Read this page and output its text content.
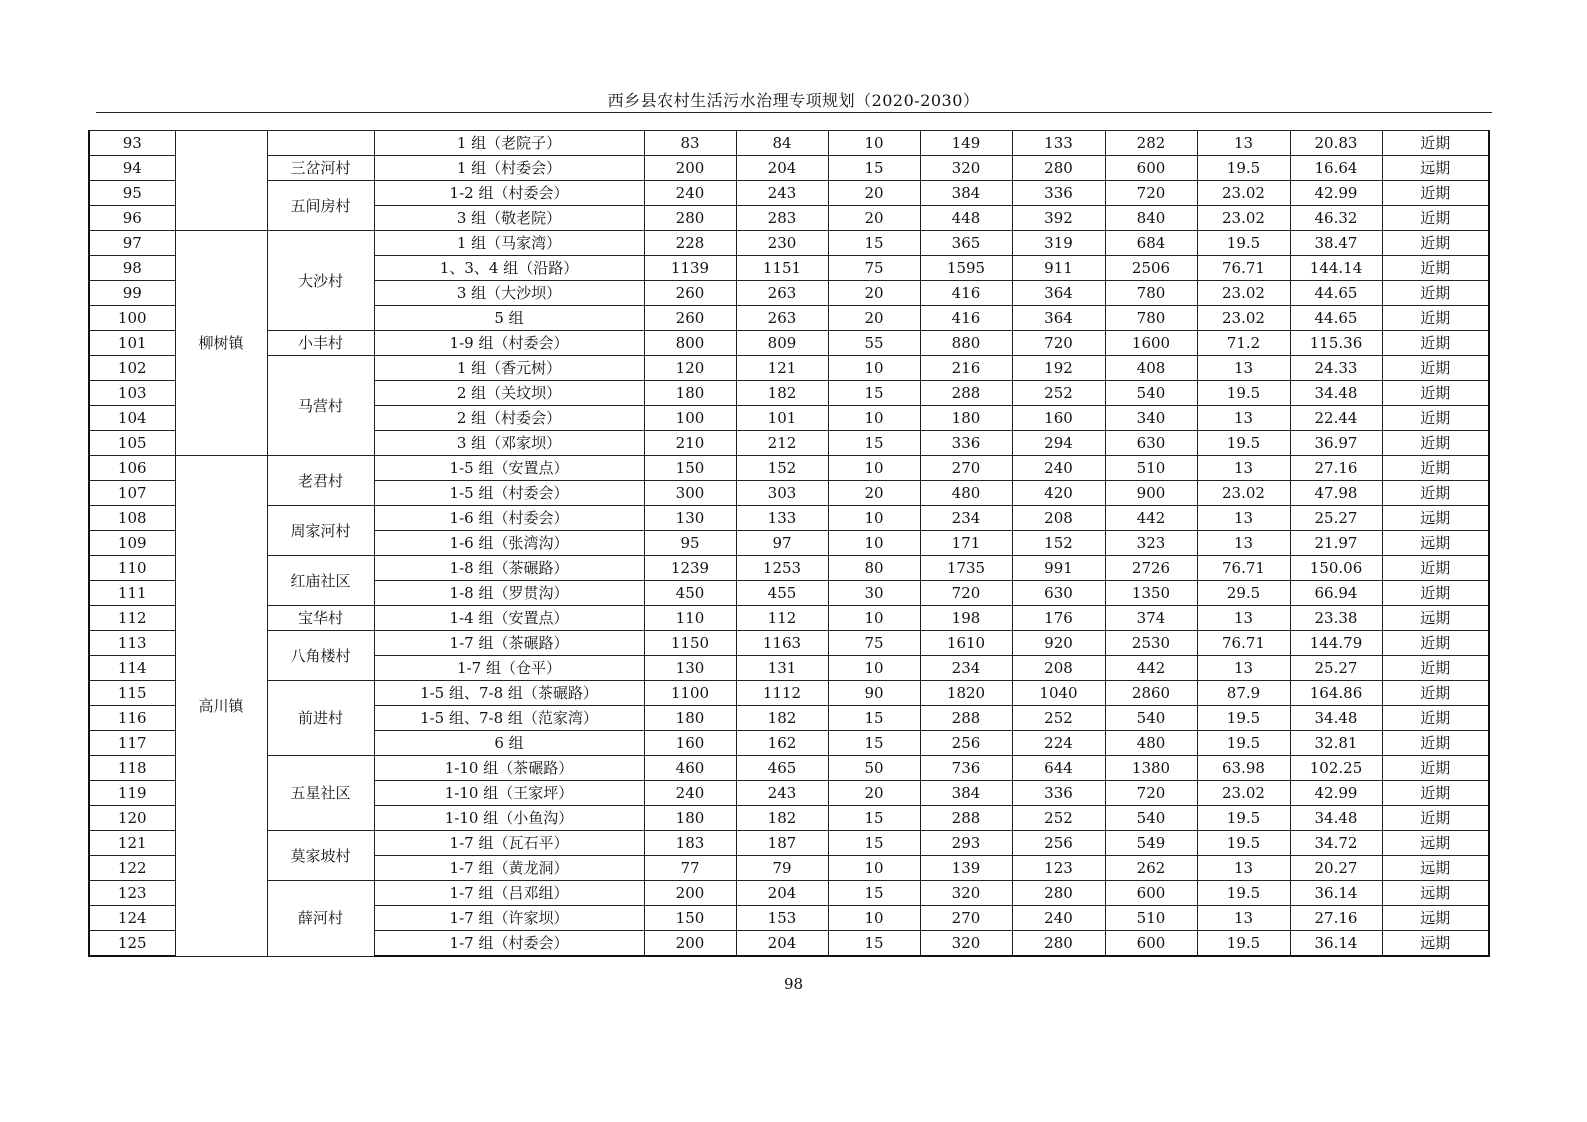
西乡县农村生活污水治理专项规划（2020-2030）
93			1 组（老院子）	83	84	10	149	133	282	13	20.83	近期
94		三岔河村	1 组（村委会）	200	204	15	320	280	600	19.5	16.64	远期
95		五间房村	1-2 组（村委会）	240	243	20	384	336	720	23.02	42.99	近期
96			3 组（敬老院）	280	283	20	448	392	840	23.02	46.32	近期
97	柳树镇	大沙村	1 组（马家湾）	228	230	15	365	319	684	19.5	38.47	近期
98			1、3、4 组（沿路）	1139	1151	75	1595	911	2506	76.71	144.14	近期
99			3 组（大沙坝）	260	263	20	416	364	780	23.02	44.65	近期
100			5 组	260	263	20	416	364	780	23.02	44.65	近期
101		小丰村	1-9 组（村委会）	800	809	55	880	720	1600	71.2	115.36	近期
102		马营村	1 组（香元树）	120	121	10	216	192	408	13	24.33	近期
103			2 组（关坟坝）	180	182	15	288	252	540	19.5	34.48	近期
104			2 组（村委会）	100	101	10	180	160	340	13	22.44	近期
105			3 组（邓家坝）	210	212	15	336	294	630	19.5	36.97	近期
106	高川镇	老君村	1-5 组（安置点）	150	152	10	270	240	510	13	27.16	近期
107			1-5 组（村委会）	300	303	20	480	420	900	23.02	47.98	近期
108		周家河村	1-6 组（村委会）	130	133	10	234	208	442	13	25.27	远期
109			1-6 组（张湾沟）	95	97	10	171	152	323	13	21.97	远期
110		红庙社区	1-8 组（茶碾路）	1239	1253	80	1735	991	2726	76.71	150.06	近期
111			1-8 组（罗贯沟）	450	455	30	720	630	1350	29.5	66.94	近期
112		宝华村	1-4 组（安置点）	110	112	10	198	176	374	13	23.38	远期
113		八角楼村	1-7 组（茶碾路）	1150	1163	75	1610	920	2530	76.71	144.79	近期
114			1-7 组（仓平）	130	131	10	234	208	442	13	25.27	近期
115		前进村	1-5 组、7-8 组（茶碾路）	1100	1112	90	1820	1040	2860	87.9	164.86	近期
116			1-5 组、7-8 组（范家湾）	180	182	15	288	252	540	19.5	34.48	近期
117			6 组	160	162	15	256	224	480	19.5	32.81	近期
118		五星社区	1-10 组（茶碾路）	460	465	50	736	644	1380	63.98	102.25	近期
119			1-10 组（王家坪）	240	243	20	384	336	720	23.02	42.99	近期
120			1-10 组（小鱼沟）	180	182	15	288	252	540	19.5	34.48	近期
121		莫家坡村	1-7 组（瓦石平）	183	187	15	293	256	549	19.5	34.72	远期
122			1-7 组（黄龙洞）	77	79	10	139	123	262	13	20.27	远期
123		薛河村	1-7 组（吕邓组）	200	204	15	320	280	600	19.5	36.14	远期
124			1-7 组（许家坝）	150	153	10	270	240	510	13	27.16	远期
125			1-7 组（村委会）	200	204	15	320	280	600	19.5	36.14	远期
98
